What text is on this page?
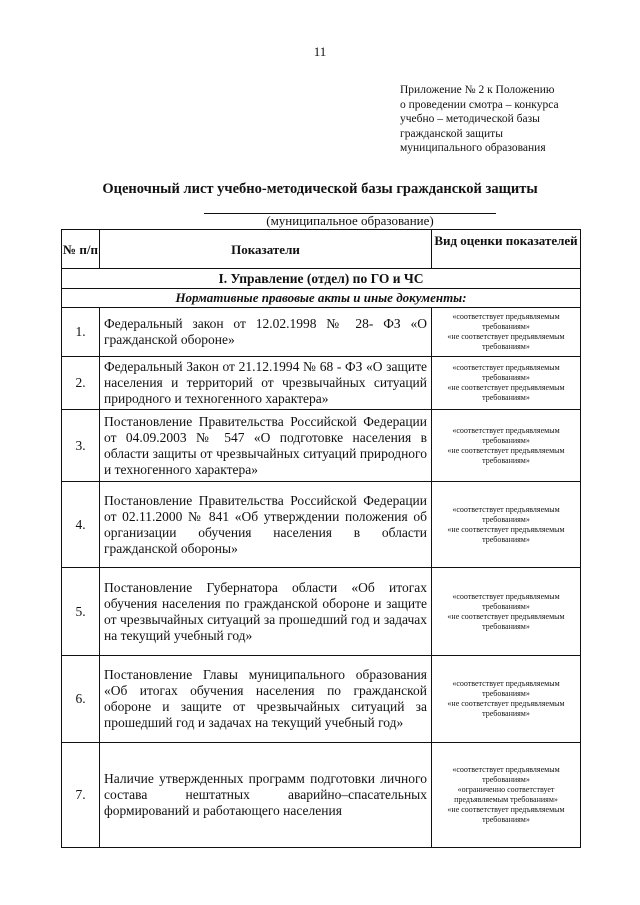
11
Приложение № 2 к Положению
о проведении смотра – конкурса
учебно – методической базы
гражданской защиты
муниципального образования
Оценочный лист учебно-методической базы гражданской защиты
(муниципальное образование)
№ п/п	Показатели	Вид оценки показателей
I. Управление (отдел) по ГО и ЧС		
Нормативные правовые акты и иные документы:		
1.	Федеральный закон от 12.02.1998 № 28- ФЗ «О гражданской обороне»	«соответствует предъявляемым требованиям»
«не соответствует предъявляемым требованиям»

2.	Федеральный Закон от 21.12.1994 № 68 - ФЗ «О защите населения и территорий от чрезвычайных ситуаций природного и техногенного характера»	«соответствует предъявляемым требованиям»
«не соответствует предъявляемым требованиям»

3.	Постановление Правительства Российской Федерации от 04.09.2003 № 547 «О подготовке населения в области защиты от чрезвычайных ситуаций природного и техногенного характера»	«соответствует предъявляемым требованиям»
«не соответствует предъявляемым требованиям»

4.	Постановление Правительства Российской Федерации от 02.11.2000 № 841 «Об утверждении положения об организации обучения населения в области гражданской обороны»	«соответствует предъявляемым требованиям»
«не соответствует предъявляемым требованиям»

5.	Постановление Губернатора области «Об итогах обучения населения по гражданской обороне и защите от чрезвычайных ситуаций за прошедший год и задачах на текущий учебный год»	«соответствует предъявляемым требованиям»
«не соответствует предъявляемым требованиям»

6.	Постановление Главы муниципального образования «Об итогах обучения населения по гражданской обороне и защите от чрезвычайных ситуаций за прошедший год и задачах на текущий учебный год»	«соответствует предъявляемым требованиям»
«не соответствует предъявляемым требованиям»

7.	Наличие утвержденных программ подготовки личного состава нештатных аварийно–спасательных формирований и работающего населения	«соответствует предъявляемым требованиям»
«ограниченно соответствует предъявляемым требованиям»
«не соответствует предъявляемым требованиям»
